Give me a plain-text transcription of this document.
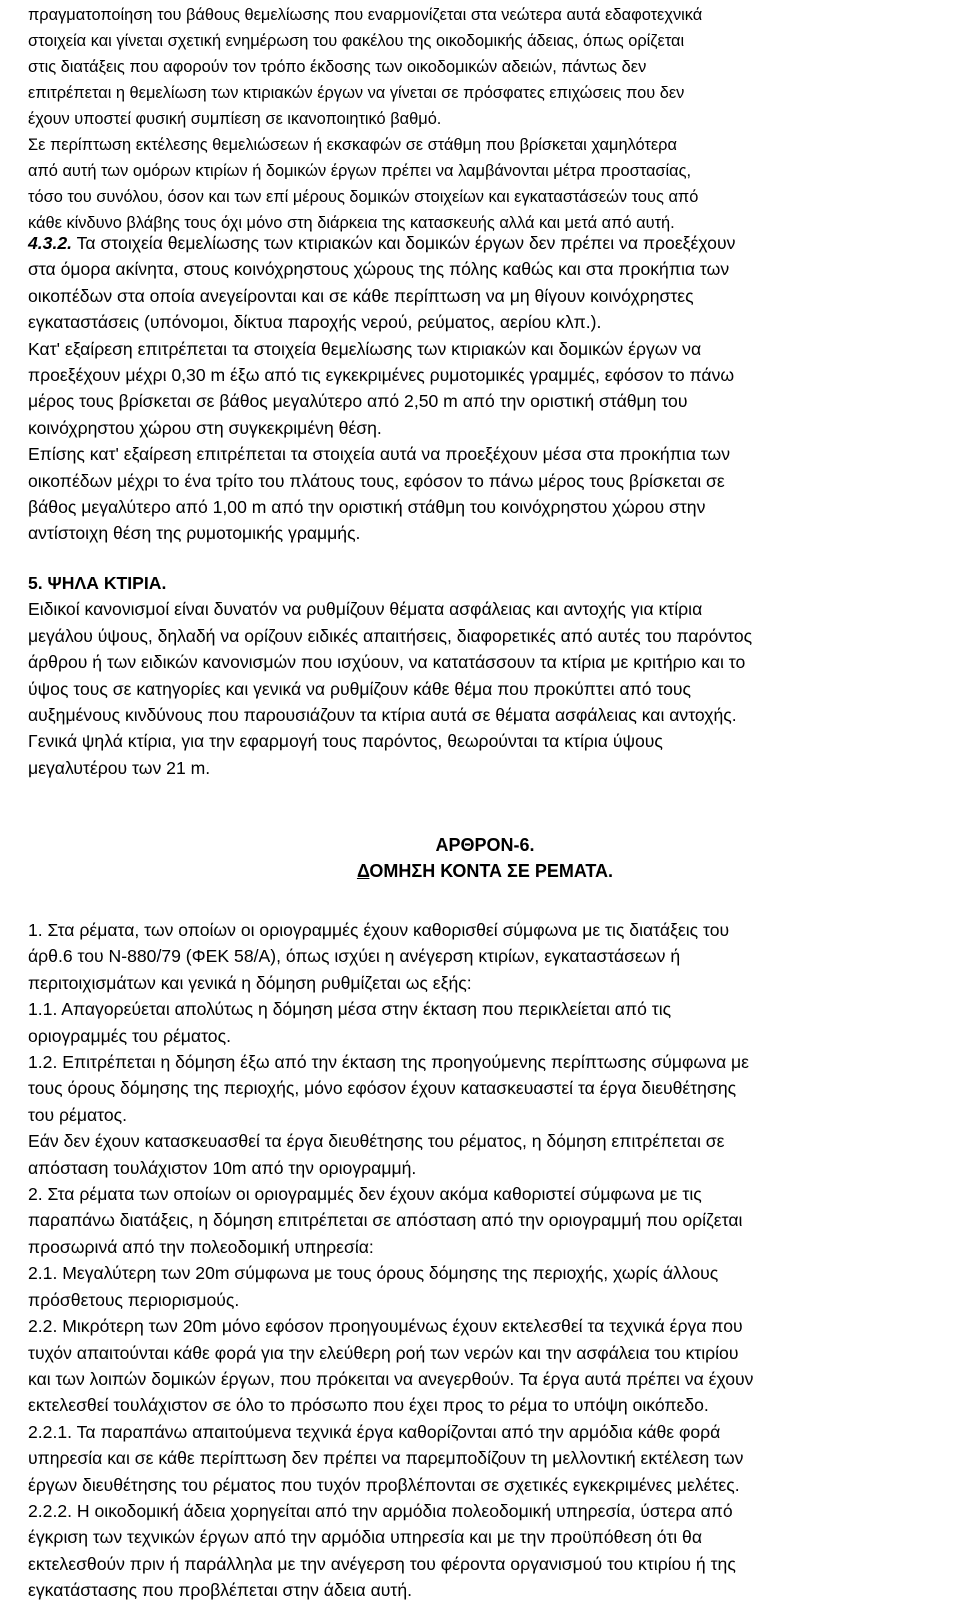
πραγματοποίηση του βάθους θεμελίωσης που εναρμονίζεται στα νεώτερα αυτά εδαφοτεχνικά
στοιχεία και γίνεται σχετική ενημέρωση του φακέλου της οικοδομικής άδειας, όπως ορίζεται
στις διατάξεις που αφορούν τον τρόπο έκδοσης των οικοδομικών αδειών, πάντως δεν
επιτρέπεται η θεμελίωση των κτιριακών έργων να γίνεται σε πρόσφατες επιχώσεις που δεν
έχουν υποστεί φυσική συμπίεση σε ικανοποιητικό βαθμό.

Σε περίπτωση εκτέλεσης θεμελιώσεων ή εκσκαφών σε στάθμη που βρίσκεται χαμηλότερα
από αυτή των ομόρων κτιρίων ή δομικών έργων πρέπει να λαμβάνονται μέτρα προστασίας,
τόσο του συνόλου, όσον και των επί μέρους δομικών στοιχείων και εγκαταστάσεών τους από
κάθε κίνδυνο βλάβης τους όχι μόνο στη διάρκεια της κατασκευής αλλά και μετά από αυτή.

4.3.2. Τα στοιχεία θεμελίωσης των κτιριακών και δομικών έργων δεν πρέπει να προεξέχουν
στα όμορα ακίνητα, στους κοινόχρηστους χώρους της πόλης καθώς και στα προκήπια των
οικοπέδων στα οποία ανεγείρονται και σε κάθε περίπτωση να μη θίγουν κοινόχρηστες
εγκαταστάσεις (υπόνομοι, δίκτυα παροχής νερού, ρεύματος, αερίου κλπ.).

Κατ' εξαίρεση επιτρέπεται τα στοιχεία θεμελίωσης των κτιριακών και δομικών έργων να
προεξέχουν μέχρι 0,30 m έξω από τις εγκεκριμένες ρυμοτομικές γραμμές, εφόσον το πάνω
μέρος τους βρίσκεται σε βάθος μεγαλύτερο από 2,50 m από την οριστική στάθμη του
κοινόχρηστου χώρου στη συγκεκριμένη θέση.

Επίσης κατ' εξαίρεση επιτρέπεται τα στοιχεία αυτά να προεξέχουν μέσα στα προκήπια των
οικοπέδων μέχρι το ένα τρίτο του πλάτους τους, εφόσον το πάνω μέρος τους βρίσκεται σε
βάθος μεγαλύτερο από 1,00 m από την οριστική στάθμη του κοινόχρηστου χώρου στην
αντίστοιχη θέση της ρυμοτομικής γραμμής.

5. ΨΗΛΑ ΚΤΙΡΙΑ.

Ειδικοί κανονισμοί είναι δυνατόν να ρυθμίζουν θέματα ασφάλειας και αντοχής για κτίρια
μεγάλου ύψους, δηλαδή να ορίζουν ειδικές απαιτήσεις, διαφορετικές από αυτές του παρόντος
άρθρου ή των ειδικών κανονισμών που ισχύουν, να κατατάσσουν τα κτίρια με κριτήριο και το
ύψος τους σε κατηγορίες και γενικά να ρυθμίζουν κάθε θέμα που προκύπτει από τους
αυξημένους κινδύνους που παρουσιάζουν τα κτίρια αυτά σε θέματα ασφάλειας και αντοχής.
Γενικά ψηλά κτίρια, για την εφαρμογή τους παρόντος, θεωρούνται τα κτίρια ύψους
μεγαλυτέρου των 21 m.

ΑΡΘΡΟΝ-6.

ΔΟΜΗΣΗ ΚΟΝΤΑ ΣΕ ΡΕΜΑΤΑ.

1. Στα ρέματα, των οποίων οι οριογραμμές έχουν καθορισθεί σύμφωνα με τις διατάξεις του
άρθ.6 του Ν-880/79 (ΦΕΚ 58/Α), όπως ισχύει η ανέγερση κτιρίων, εγκαταστάσεων ή
περιτοιχισμάτων και γενικά η δόμηση ρυθμίζεται ως εξής:
1.1. Απαγορεύεται απολύτως η δόμηση μέσα στην έκταση που περικλείεται από τις
οριογραμμές του ρέματος.
1.2. Επιτρέπεται η δόμηση έξω από την έκταση της προηγούμενης περίπτωσης σύμφωνα με
τους όρους δόμησης της περιοχής, μόνο εφόσον έχουν κατασκευαστεί τα έργα διευθέτησης
του ρέματος.
Εάν δεν έχουν κατασκευασθεί τα έργα διευθέτησης του ρέματος, η δόμηση επιτρέπεται σε
απόσταση τουλάχιστον 10m από την οριογραμμή.
2. Στα ρέματα των οποίων οι οριογραμμές δεν έχουν ακόμα καθοριστεί σύμφωνα με τις
παραπάνω διατάξεις, η δόμηση επιτρέπεται σε απόσταση από την οριογραμμή που ορίζεται
προσωρινά από την πολεοδομική υπηρεσία:
2.1. Μεγαλύτερη των 20m σύμφωνα με τους όρους δόμησης της περιοχής, χωρίς άλλους
πρόσθετους περιορισμούς.
2.2. Μικρότερη των 20m μόνο εφόσον προηγουμένως έχουν εκτελεσθεί τα τεχνικά έργα που
τυχόν απαιτούνται κάθε φορά για την ελεύθερη ροή των νερών και την ασφάλεια του κτιρίου
και των λοιπών δομικών έργων, που πρόκειται να ανεγερθούν. Τα έργα αυτά πρέπει να έχουν
εκτελεσθεί τουλάχιστον σε όλο το πρόσωπο που έχει προς το ρέμα το υπόψη οικόπεδο.
2.2.1. Τα παραπάνω απαιτούμενα τεχνικά έργα καθορίζονται από την αρμόδια κάθε φορά
υπηρεσία και σε κάθε περίπτωση δεν πρέπει να παρεμποδίζουν τη μελλοντική εκτέλεση των
έργων διευθέτησης του ρέματος που τυχόν προβλέπονται σε σχετικές εγκεκριμένες μελέτες.
2.2.2. Η οικοδομική άδεια χορηγείται από την αρμόδια πολεοδομική υπηρεσία, ύστερα από
έγκριση των τεχνικών έργων από την αρμόδια υπηρεσία και με την προϋπόθεση ότι θα
εκτελεσθούν πριν ή παράλληλα με την ανέγερση του φέροντα οργανισμού του κτιρίου ή της
εγκατάστασης που προβλέπεται στην άδεια αυτή.
